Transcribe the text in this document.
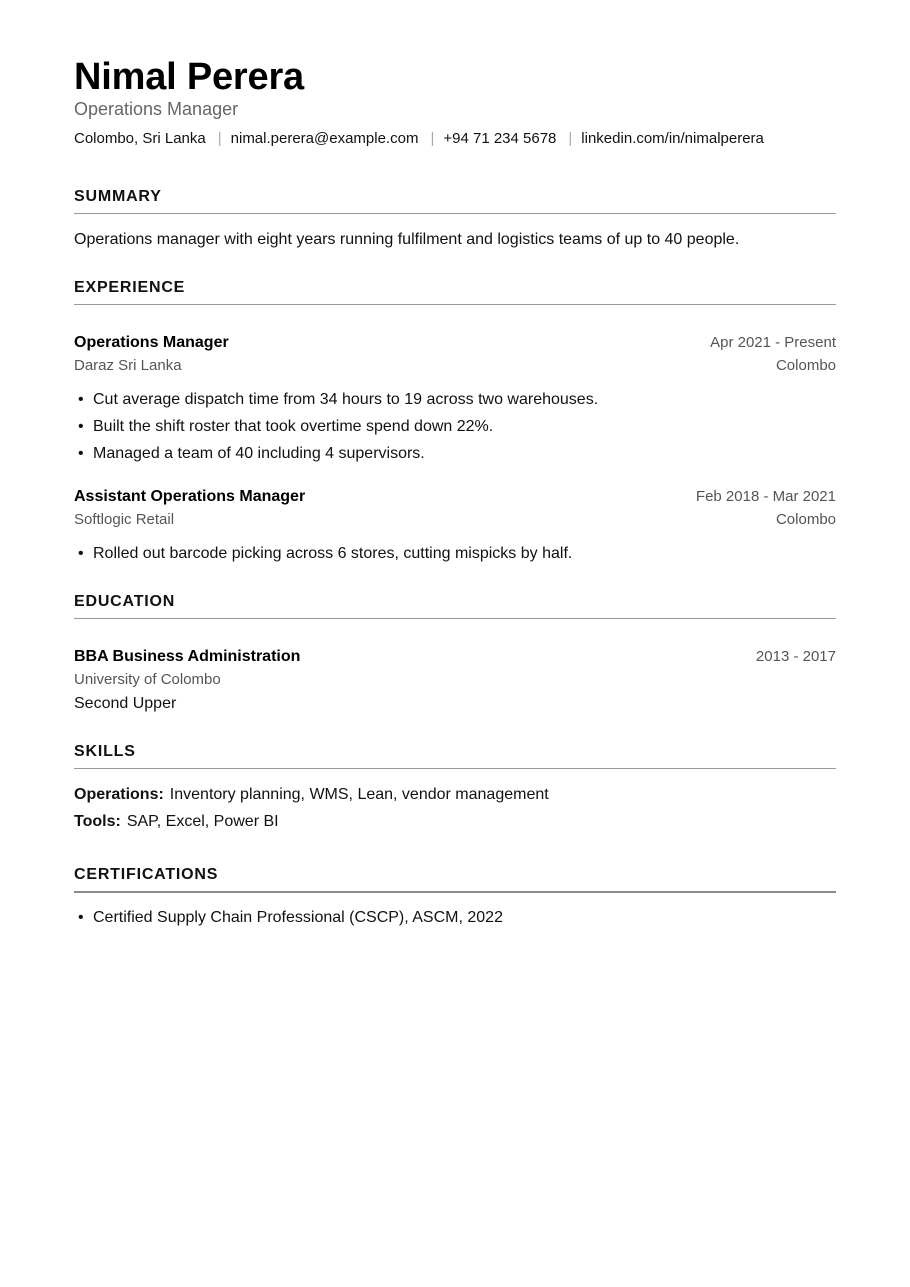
Nimal Perera
Operations Manager
Colombo, Sri Lanka | nimal.perera@example.com | +94 71 234 5678 | linkedin.com/in/nimalperera
SUMMARY
Operations manager with eight years running fulfilment and logistics teams of up to 40 people.
EXPERIENCE
Operations Manager	Apr 2021 - Present
Daraz Sri Lanka	Colombo
• Cut average dispatch time from 34 hours to 19 across two warehouses.
• Built the shift roster that took overtime spend down 22%.
• Managed a team of 40 including 4 supervisors.
Assistant Operations Manager	Feb 2018 - Mar 2021
Softlogic Retail	Colombo
• Rolled out barcode picking across 6 stores, cutting mispicks by half.
EDUCATION
BBA Business Administration	2013 - 2017
University of Colombo
Second Upper
SKILLS
Operations: Inventory planning, WMS, Lean, vendor management
Tools: SAP, Excel, Power BI
CERTIFICATIONS
• Certified Supply Chain Professional (CSCP), ASCM, 2022
